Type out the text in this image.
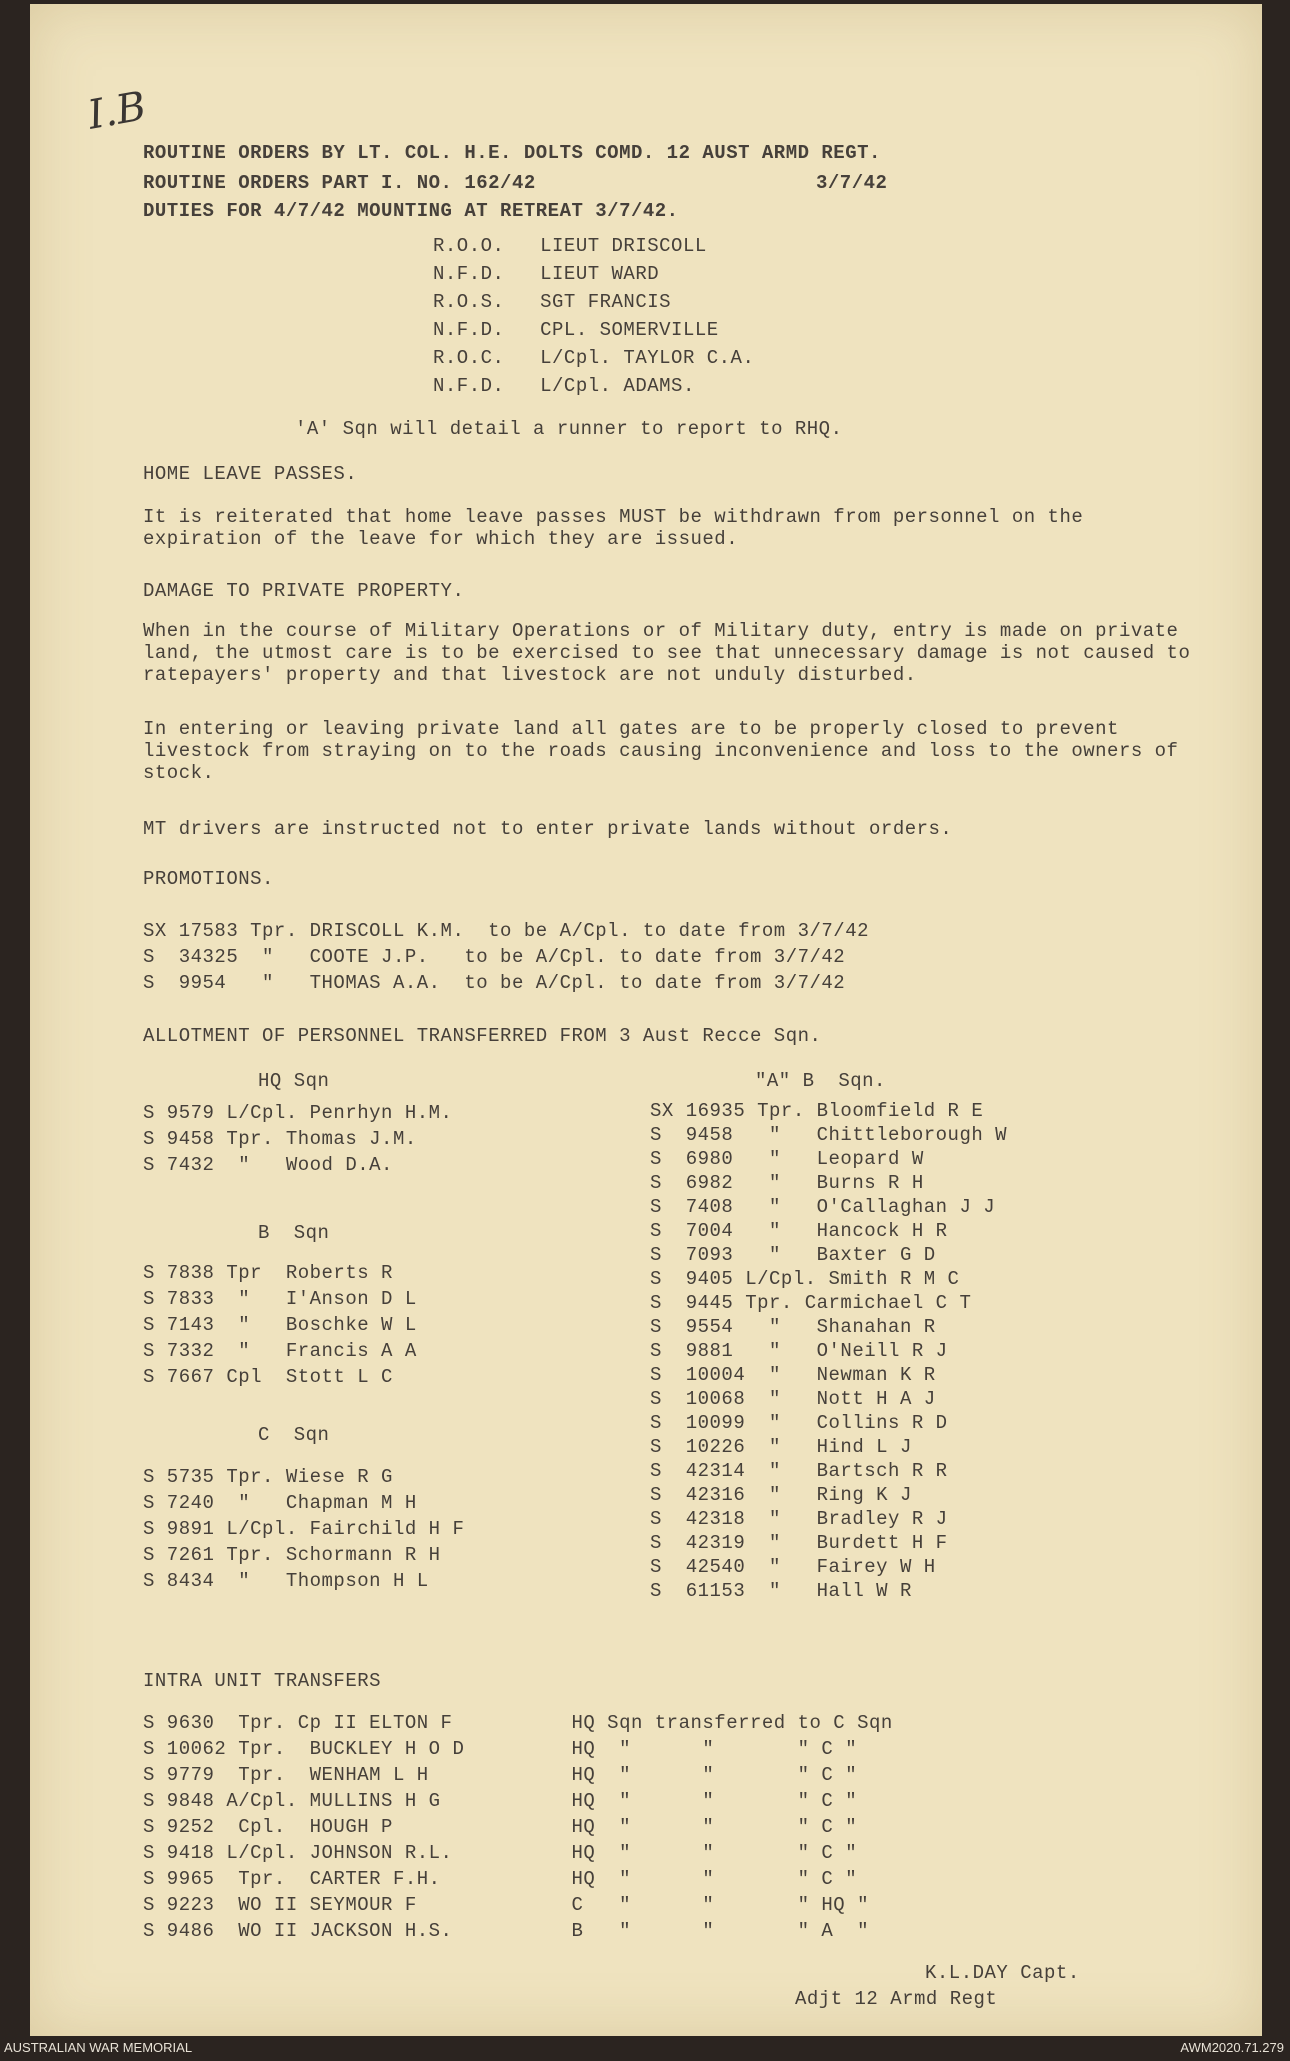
I.B
ROUTINE ORDERS BY LT. COL. H.E. DOLTS COMD. 12 AUST ARMD REGT.
ROUTINE ORDERS PART I. NO. 162/42	3/7/42
DUTIES FOR 4/7/42 MOUNTING AT RETREAT 3/7/42.
R.O.O.   LIEUT DRISCOLL
N.F.D.   LIEUT WARD
R.O.S.   SGT FRANCIS
N.F.D.   CPL. SOMERVILLE
R.O.C.   L/Cpl. TAYLOR C.A.
N.F.D.   L/Cpl. ADAMS.
'A' Sqn will detail a runner to report to RHQ.
HOME LEAVE PASSES.
It is reiterated that home leave passes MUST be withdrawn from personnel on the expiration of the leave for which they are issued.
DAMAGE TO PRIVATE PROPERTY.
When in the course of Military Operations or of Military duty, entry is made on private land, the utmost care is to be exercised to see that unnecessary damage is not caused to ratepayers' property and that livestock are not unduly disturbed.
In entering or leaving private land all gates are to be properly closed to prevent livestock from straying on to the roads causing inconvenience and loss to the owners of stock.
MT drivers are instructed not to enter private lands without orders.
PROMOTIONS.
SX 17583 Tpr. DRISCOLL K.M.  to be A/Cpl. to date from 3/7/42
S  34325  "   COOTE J.P.   to be A/Cpl. to date from 3/7/42
S  9954   "   THOMAS A.A.  to be A/Cpl. to date from 3/7/42
ALLOTMENT OF PERSONNEL TRANSFERRED FROM 3 Aust Recce Sqn.
HQ Sqn
S 9579 L/Cpl. Penrhyn H.M.
S 9458 Tpr. Thomas J.M.
S 7432  "   Wood D.A.
B  Sqn
S 7838 Tpr  Roberts R
S 7833  "   I'Anson D L
S 7143  "   Boschke W L
S 7332  "   Francis A A
S 7667 Cpl  Stott L C
C  Sqn
S 5735 Tpr. Wiese R G
S 7240  "   Chapman M H
S 9891 L/Cpl. Fairchild H F
S 7261 Tpr. Schormann R H
S 8434  "   Thompson H L
"A" B  Sqn.
SX 16935 Tpr. Bloomfield R E
S  9458   "   Chittleborough W
S  6980   "   Leopard W
S  6982   "   Burns R H
S  7408   "   O'Callaghan J J
S  7004   "   Hancock H R
S  7093   "   Baxter G D
S  9405 L/Cpl. Smith R M C
S  9445 Tpr. Carmichael C T
S  9554   "   Shanahan R
S  9881   "   O'Neill R J
S  10004  "   Newman K R
S  10068  "   Nott H A J
S  10099  "   Collins R D
S  10226  "   Hind L J
S  42314  "   Bartsch R R
S  42316  "   Ring K J
S  42318  "   Bradley R J
S  42319  "   Burdett H F
S  42540  "   Fairey W H
S  61153  "   Hall W R
INTRA UNIT TRANSFERS
S 9630  Tpr. Cp II ELTON F          HQ Sqn transferred to C Sqn
S 10062 Tpr.  BUCKLEY H O D         HQ  "      "       " C "
S 9779  Tpr.  WENHAM L H            HQ  "      "       " C "
S 9848 A/Cpl. MULLINS H G           HQ  "      "       " C "
S 9252  Cpl.  HOUGH P               HQ  "      "       " C "
S 9418 L/Cpl. JOHNSON R.L.          HQ  "      "       " C "
S 9965  Tpr.  CARTER F.H.           HQ  "      "       " C "
S 9223  WO II SEYMOUR F             C   "      "       " HQ "
S 9486  WO II JACKSON H.S.          B   "      "       " A  "
K.L.DAY Capt.
Adjt 12 Armd Regt
AUSTRALIAN WAR MEMORIAL	AWM2020.71.279
